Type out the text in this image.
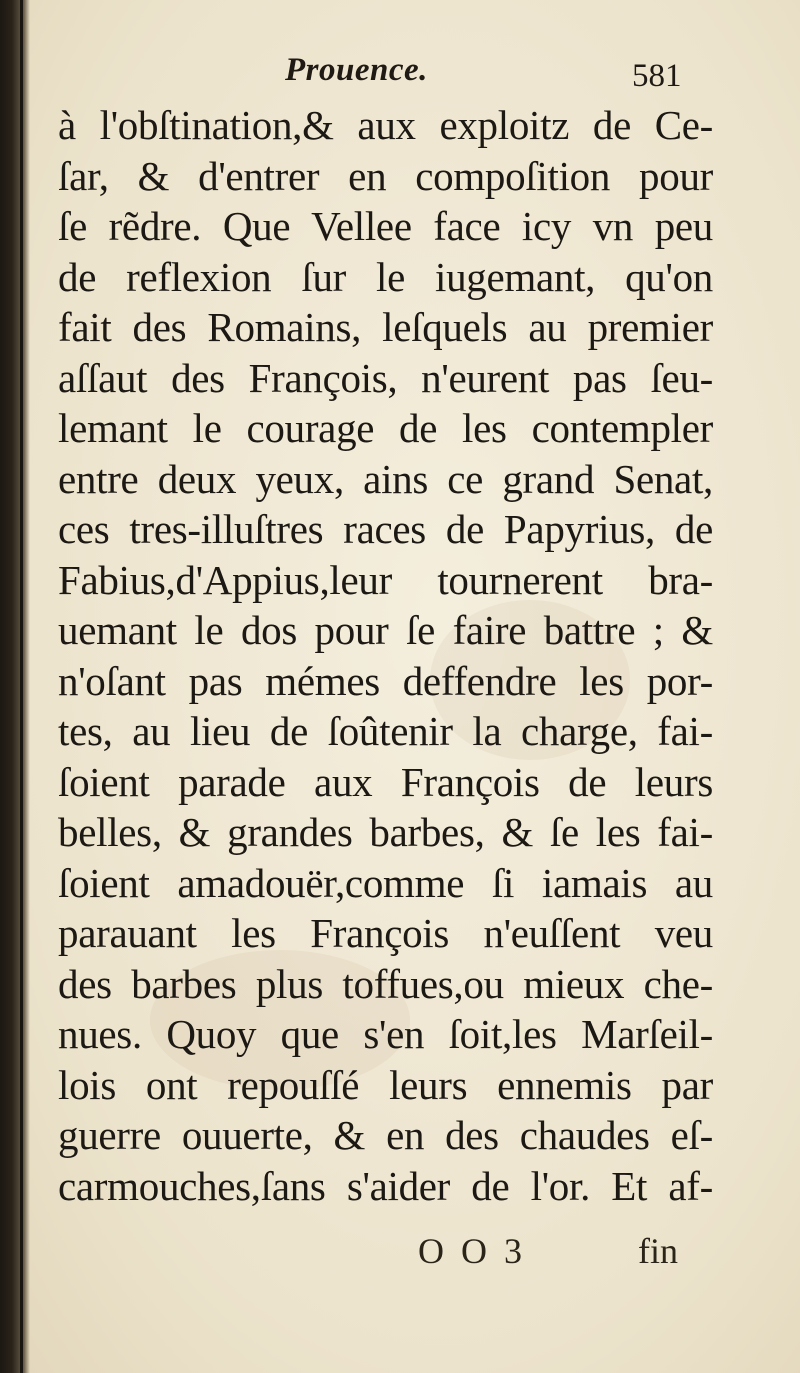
Prouence.	581
à l'obſtination,& aux exploitz de Ce-
ſar, & d'entrer en compoſition pour
ſe rẽdre. Que Vellee face icy vn peu
de reflexion ſur le iugemant, qu'on
fait des Romains, leſquels au premier
aſſaut des François, n'eurent pas ſeu-
lemant le courage de les contempler
entre deux yeux, ains ce grand Senat,
ces tres-illuſtres races de Papyrius, de
Fabius,d'Appius,leur tournerent bra-
uemant le dos pour ſe faire battre ; &
n'oſant pas mémes deffendre les por-
tes, au lieu de ſoûtenir la charge, fai-
ſoient parade aux François de leurs
belles, & grandes barbes, & ſe les fai-
ſoient amadouër,comme ſi iamais au
parauant les François n'euſſent veu
des barbes plus toffues,ou mieux che-
nues. Quoy que s'en ſoit,les Marſeil-
lois ont repouſſé leurs ennemis par
guerre ouuerte, & en des chaudes eſ-
carmouches,ſans s'aider de l'or. Et af-
O O 3	fin
